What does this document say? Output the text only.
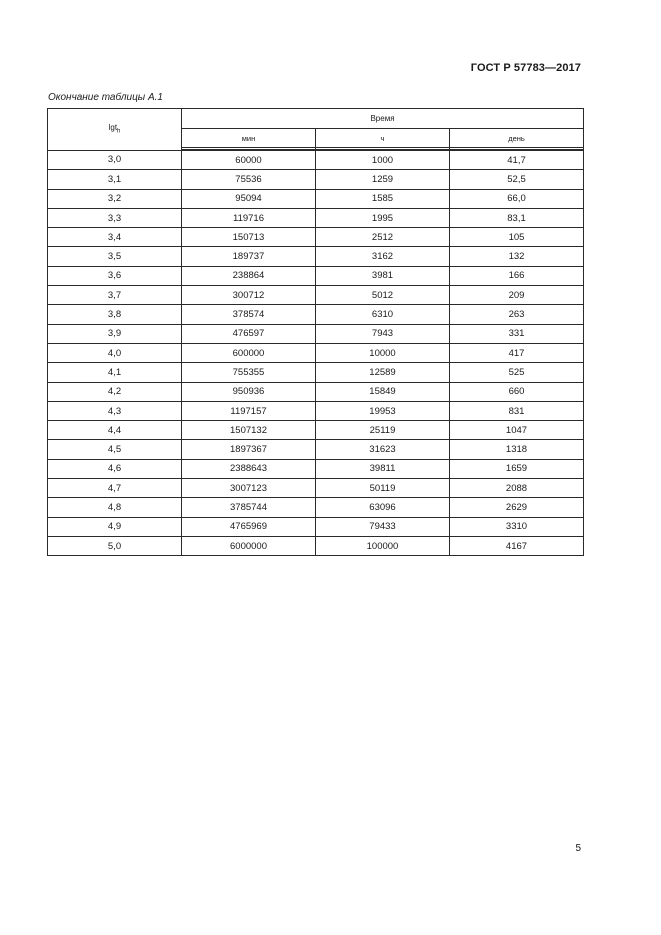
ГОСТ Р 57783—2017
Окончание таблицы А.1
lgt$_h$	Время		
	мин	ч	день

3,0	60000	1000	41,7
3,1	75536	1259	52,5
3,2	95094	1585	66,0
3,3	119716	1995	83,1
3,4	150713	2512	105
3,5	189737	3162	132
3,6	238864	3981	166
3,7	300712	5012	209
3,8	378574	6310	263
3,9	476597	7943	331
4,0	600000	10000	417
4,1	755355	12589	525
4,2	950936	15849	660
4,3	1197157	19953	831
4,4	1507132	25119	1047
4,5	1897367	31623	1318
4,6	2388643	39811	1659
4,7	3007123	50119	2088
4,8	3785744	63096	2629
4,9	4765969	79433	3310
5,0	6000000	100000	4167
5
